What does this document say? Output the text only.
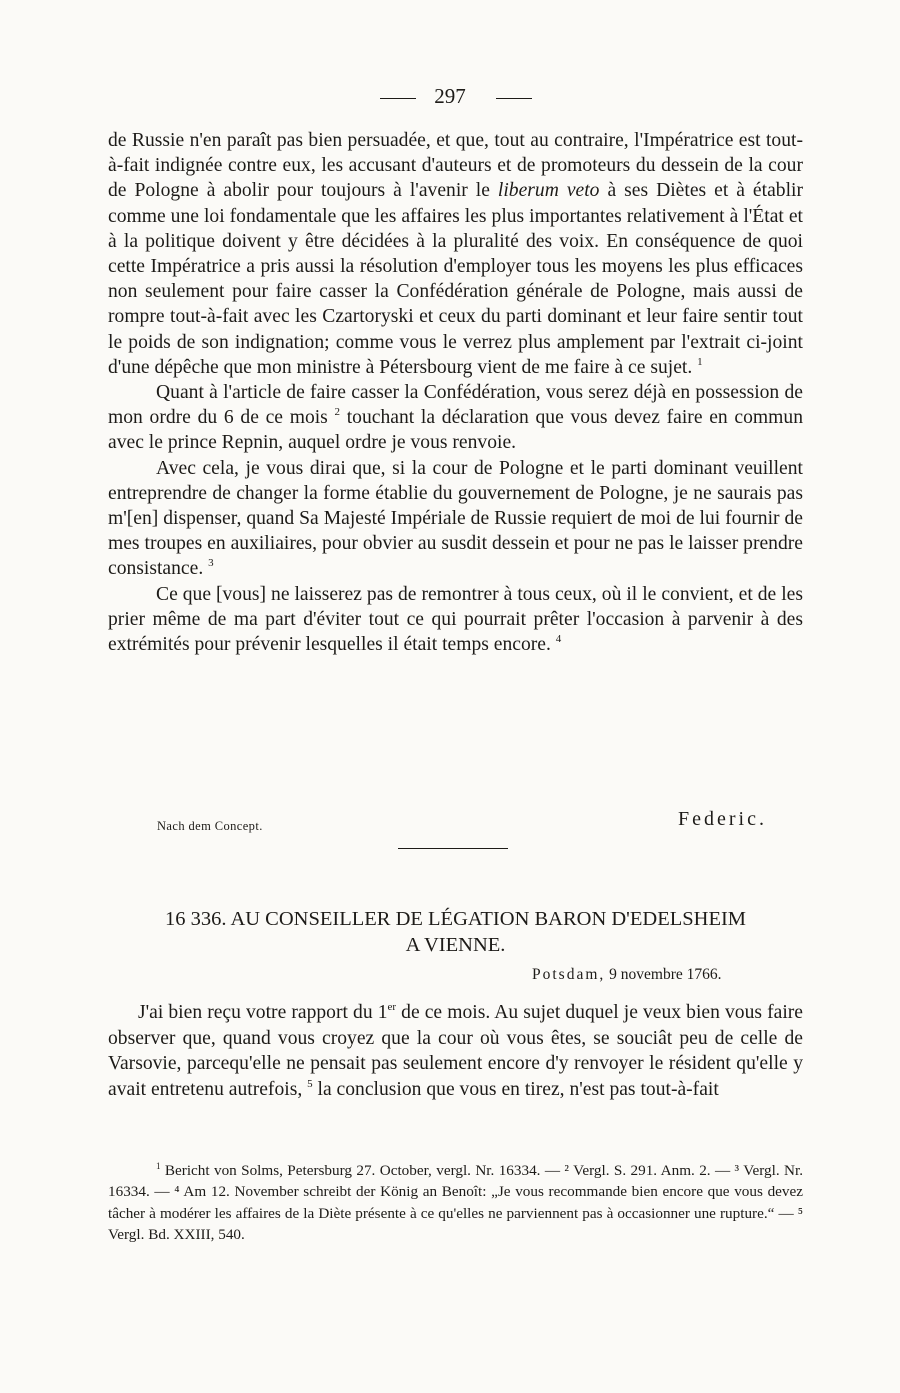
297

de Russie n'en paraît pas bien persuadée, et que, tout au contraire, l'Impératrice est tout-à-fait indignée contre eux, les accusant d'auteurs et de promoteurs du dessein de la cour de Pologne à abolir pour toujours à l'avenir le liberum veto à ses Diètes et à établir comme une loi fondamentale que les affaires les plus importantes relativement à l'État et à la politique doivent y être décidées à la pluralité des voix. En conséquence de quoi cette Impératrice a pris aussi la résolution d'employer tous les moyens les plus efficaces non seulement pour faire casser la Confédération générale de Pologne, mais aussi de rompre tout-à-fait avec les Czartoryski et ceux du parti dominant et leur faire sentir tout le poids de son indignation; comme vous le verrez plus amplement par l'extrait ci-joint d'une dépêche que mon ministre à Pétersbourg vient de me faire à ce sujet. $^1$

Quant à l'article de faire casser la Confédération, vous serez déjà en possession de mon ordre du 6 de ce mois $^2$ touchant la déclaration que vous devez faire en commun avec le prince Repnin, auquel ordre je vous renvoie.

Avec cela, je vous dirai que, si la cour de Pologne et le parti dominant veuillent entreprendre de changer la forme établie du gouvernement de Pologne, je ne saurais pas m'[en] dispenser, quand Sa Majesté Impériale de Russie requiert de moi de lui fournir de mes troupes en auxiliaires, pour obvier au susdit dessein et pour ne pas le laisser prendre consistance. $^3$

Ce que [vous] ne laisserez pas de remontrer à tous ceux, où il le convient, et de les prier même de ma part d'éviter tout ce qui pourrait prêter l'occasion à parvenir à des extrémités pour prévenir lesquelles il était temps encore. $^4$

Nach dem Concept.	Federic.
16 336. AU CONSEILLER DE LÉGATION BARON D'EDELSHEIM
A VIENNE.
Potsdam, 9 novembre 1766.

J'ai bien reçu votre rapport du 1er de ce mois. Au sujet duquel je veux bien vous faire observer que, quand vous croyez que la cour où vous êtes, se souciât peu de celle de Varsovie, parcequ'elle ne pensait pas seulement encore d'y renvoyer le résident qu'elle y avait entretenu autrefois, $^5$ la conclusion que vous en tirez, n'est pas tout-à-fait

$^1$ Bericht von Solms, Petersburg 27. October, vergl. Nr. 16334. — ² Vergl. S. 291. Anm. 2. — ³ Vergl. Nr. 16334. — ⁴ Am 12. November schreibt der König an Benoît: „Je vous recommande bien encore que vous devez tâcher à modérer les affaires de la Diète présente à ce qu'elles ne parviennent pas à occasionner une rupture.“ — ⁵ Vergl. Bd. XXIII, 540.
